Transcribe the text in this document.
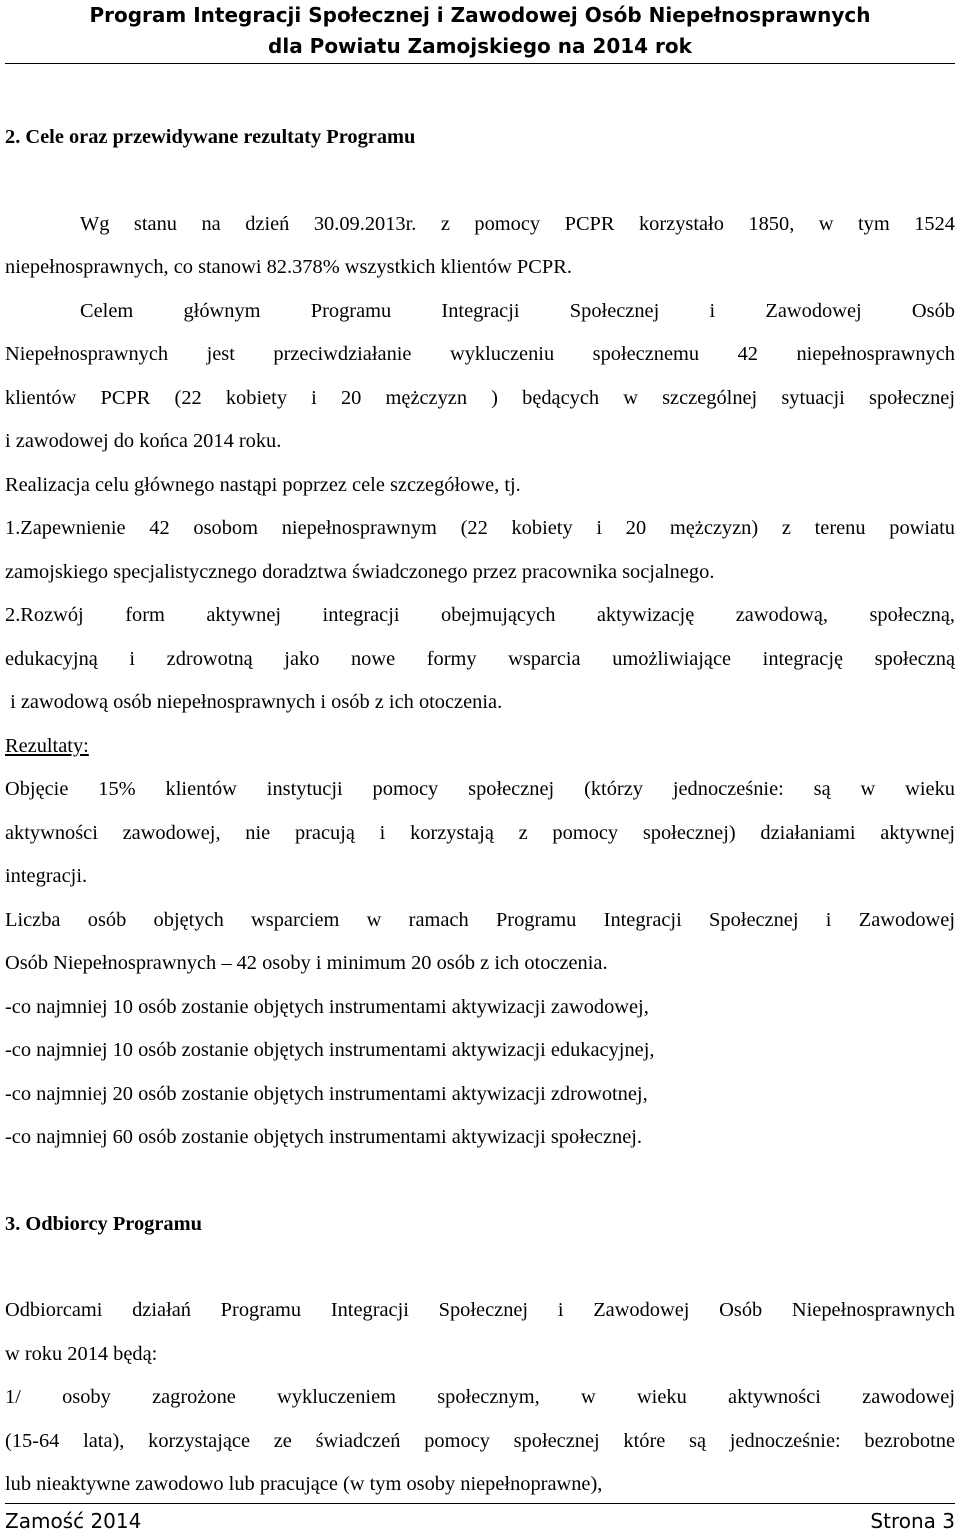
Program Integracji Społecznej i Zawodowej Osób Niepełnosprawnych
dla Powiatu Zamojskiego na 2014 rok

2. Cele oraz przewidywane rezultaty Programu

Wg stanu na dzień 30.09.2013r. z pomocy PCPR korzystało 1850, w tym 1524

niepełnosprawnych, co stanowi 82.378% wszystkich klientów PCPR.

Celem głównym Programu Integracji Społecznej i Zawodowej Osób

Niepełnosprawnych jest przeciwdziałanie wykluczeniu społecznemu 42 niepełnosprawnych

klientów PCPR (22 kobiety i 20 mężczyzn ) będących w szczególnej sytuacji społecznej

i zawodowej do końca 2014 roku.

Realizacja celu głównego nastąpi poprzez cele szczegółowe, tj.

1.Zapewnienie 42 osobom niepełnosprawnym (22 kobiety i 20 mężczyzn) z terenu powiatu

zamojskiego specjalistycznego doradztwa świadczonego przez pracownika socjalnego.

2.Rozwój form aktywnej integracji obejmujących aktywizację zawodową, społeczną,

edukacyjną i zdrowotną jako nowe formy wsparcia umożliwiające integrację społeczną

i zawodową osób niepełnosprawnych i osób z ich otoczenia.

Rezultaty:

Objęcie 15% klientów instytucji pomocy społecznej (którzy jednocześnie: są w wieku

aktywności zawodowej, nie pracują i korzystają z pomocy społecznej) działaniami aktywnej

integracji.

Liczba osób objętych wsparciem w ramach Programu Integracji Społecznej i Zawodowej

Osób Niepełnosprawnych – 42 osoby i minimum 20 osób z ich otoczenia.

-co najmniej 10 osób zostanie objętych instrumentami aktywizacji zawodowej,

-co najmniej 10 osób zostanie objętych instrumentami aktywizacji edukacyjnej,

-co najmniej 20 osób zostanie objętych instrumentami aktywizacji zdrowotnej,

-co najmniej 60 osób zostanie objętych instrumentami aktywizacji społecznej.

3. Odbiorcy Programu

Odbiorcami działań Programu Integracji Społecznej i Zawodowej Osób Niepełnosprawnych

w roku 2014 będą:

1/ osoby zagrożone wykluczeniem społecznym, w wieku aktywności zawodowej

(15-64 lata), korzystające ze świadczeń pomocy społecznej które są jednocześnie: bezrobotne

lub nieaktywne zawodowo lub pracujące (w tym osoby niepełnoprawne),

Zamość 2014	Strona 3
